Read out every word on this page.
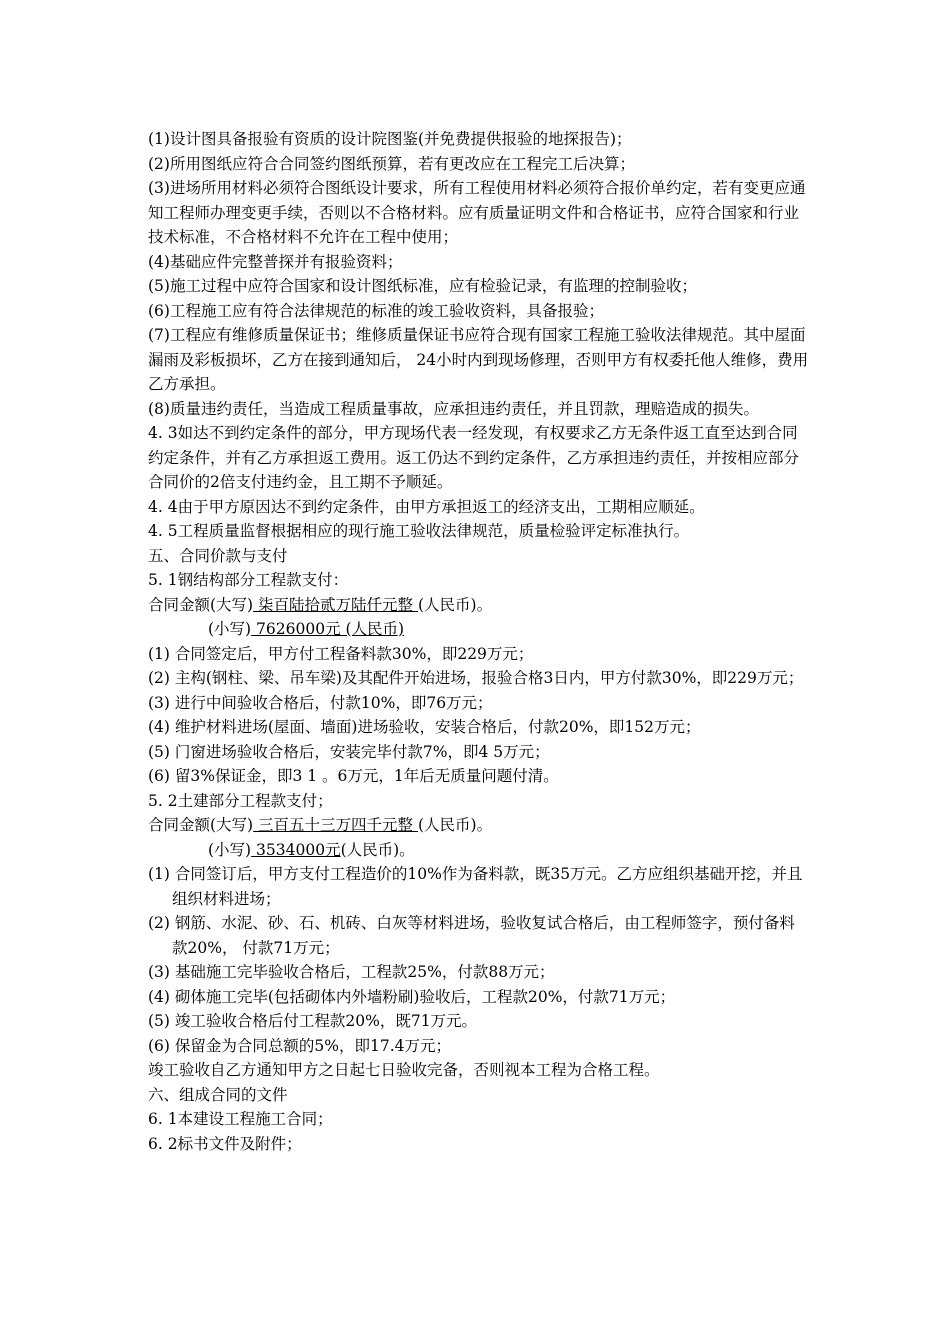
(1)设计图具备报验有资质的设计院图鉴(并免费提供报验的地探报告)；

(2)所用图纸应符合合同签约图纸预算，若有更改应在工程完工后决算；

(3)进场所用材料必须符合图纸设计要求，所有工程使用材料必须符合报价单约定，若有变更应通知工程师办理变更手续，否则以不合格材料。应有质量证明文件和合格证书，应符合国家和行业技术标准，不合格材料不允许在工程中使用；

(4)基础应件完整普探并有报验资料；

(5)施工过程中应符合国家和设计图纸标准，应有检验记录，有监理的控制验收；

(6)工程施工应有符合法律规范的标准的竣工验收资料，具备报验；

(7)工程应有维修质量保证书；维修质量保证书应符合现有国家工程施工验收法律规范。其中屋面漏雨及彩板损坏，乙方在接到通知后， 24小时内到现场修理，否则甲方有权委托他人维修，费用乙方承担。

(8)质量违约责任，当造成工程质量事故，应承担违约责任，并且罚款，理赔造成的损失。

4. 3如达不到约定条件的部分，甲方现场代表一经发现，有权要求乙方无条件返工直至达到合同约定条件，并有乙方承担返工费用。返工仍达不到约定条件，乙方承担违约责任，并按相应部分合同价的2倍支付违约金，且工期不予顺延。

4. 4由于甲方原因达不到约定条件，由甲方承担返工的经济支出，工期相应顺延。

4. 5工程质量监督根据相应的现行施工验收法律规范，质量检验评定标准执行。

五、合同价款与支付

5. 1钢结构部分工程款支付：

合同金额(大写) 柒百陆拾贰万陆仟元整 (人民币)。

(小写) 7626000元 (人民币)

(1) 合同签定后，甲方付工程备料款30%，即229万元；

(2) 主构(钢柱、梁、吊车梁)及其配件开始进场，报验合格3日内，甲方付款30%，即229万元；

(3) 进行中间验收合格后，付款10%，即76万元；

(4) 维护材料进场(屋面、墙面)进场验收，安装合格后，付款20%，即152万元；

(5) 门窗进场验收合格后，安装完毕付款7%，即4 5万元；

(6) 留3%保证金，即3 1 。6万元，1年后无质量问题付清。

5. 2土建部分工程款支付；

合同金额(大写) 三百五十三万四千元整 (人民币)。

(小写) 3534000元(人民币)。

(1) 合同签订后，甲方支付工程造价的10%作为备料款，既35万元。乙方应组织基础开挖，并且组织材料进场；

(2) 钢筋、水泥、砂、石、机砖、白灰等材料进场，验收复试合格后，由工程师签字，预付备料款20%， 付款71万元；

(3) 基础施工完毕验收合格后，工程款25%，付款88万元；

(4) 砌体施工完毕(包括砌体内外墙粉刷)验收后，工程款20%，付款71万元；

(5) 竣工验收合格后付工程款20%，既71万元。

(6) 保留金为合同总额的5%，即17.4万元；

竣工验收自乙方通知甲方之日起七日验收完备，否则视本工程为合格工程。

六、组成合同的文件

6. 1本建设工程施工合同；

6. 2标书文件及附件；
